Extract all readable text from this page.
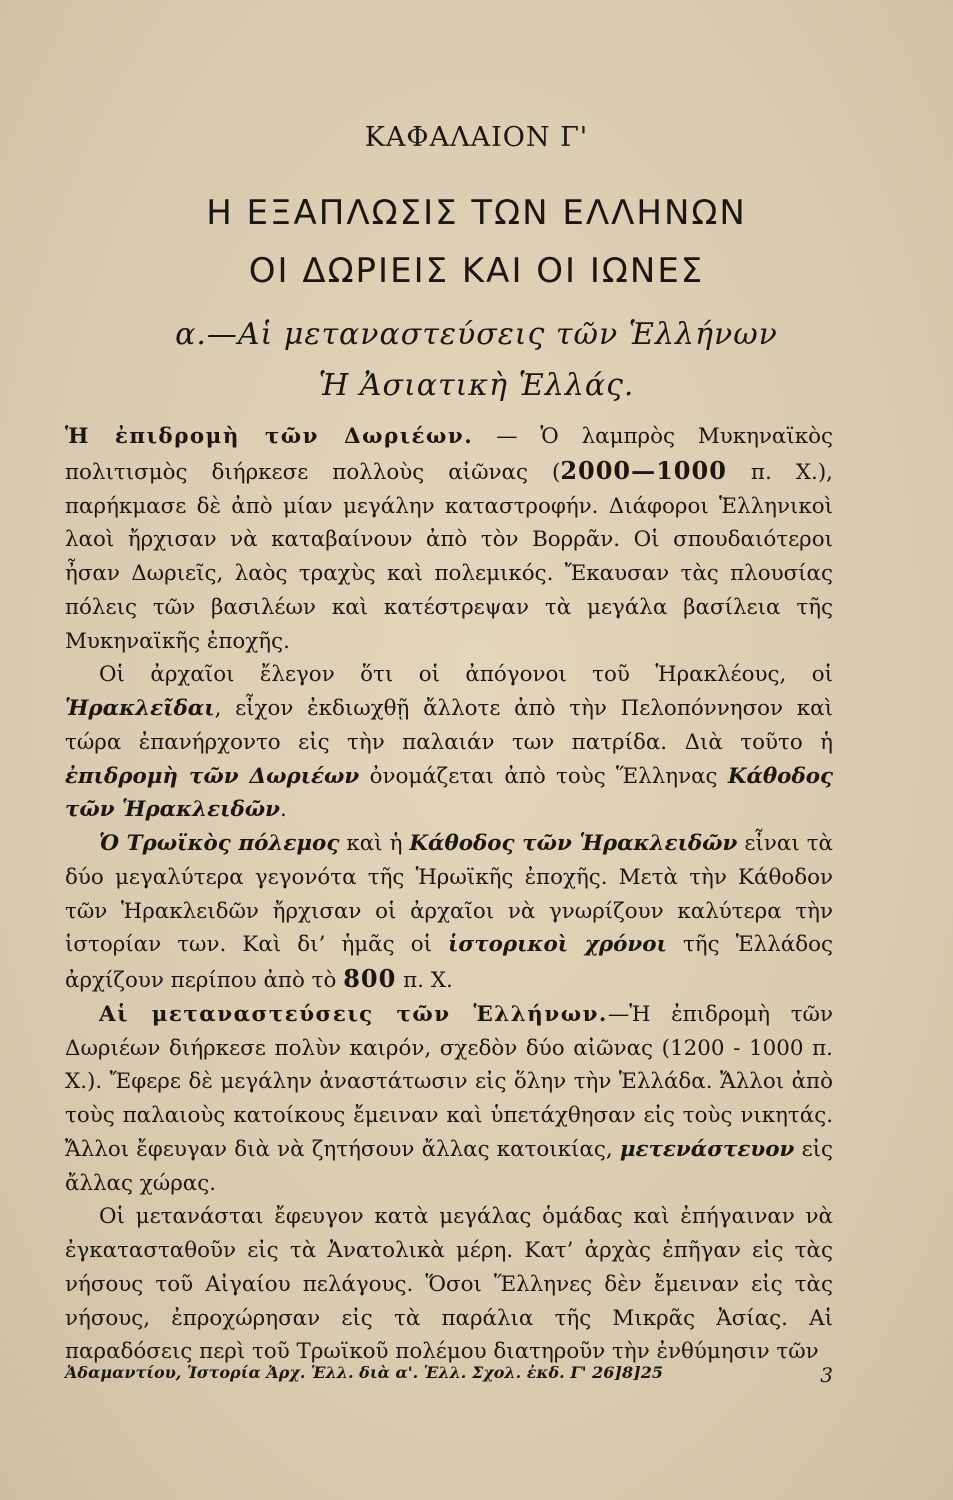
ΚΑΦΑΛΑΙΟΝ Γ'
Η ΕΞΑΠΛΩΣΙΣ ΤΩΝ ΕΛΛΗΝΩΝ
ΟΙ ΔΩΡΙΕΙΣ ΚΑΙ ΟΙ ΙΩΝΕΣ
α.—Αἱ μεταναστεύσεις τῶν Ἑλλήνων
Ἡ Ἀσιατικὴ Ἑλλάς.

Ἡ ἐπιδρομὴ τῶν Δωριέων. — Ὁ λαμπρὸς Μυκηναϊκὸς πολιτισμὸς διήρκεσε πολλοὺς αἰῶνας (2000—1000 π. Χ.), παρήκμασε δὲ ἀπὸ μίαν μεγάλην καταστροφήν. Διάφοροι Ἑλληνικοὶ λαοὶ ἤρχισαν νὰ καταβαίνουν ἀπὸ τὸν Βορρᾶν. Οἱ σπουδαιότεροι ἦσαν Δωριεῖς, λαὸς τραχὺς καὶ πολεμικός. Ἔκαυσαν τὰς πλουσίας πόλεις τῶν βασιλέων καὶ κατέστρεψαν τὰ μεγάλα βασίλεια τῆς Μυκηναϊκῆς ἐποχῆς.

Οἱ ἀρχαῖοι ἔλεγον ὅτι οἱ ἀπόγονοι τοῦ Ἡρακλέους, οἱ Ἡρακλεῖδαι, εἶχον ἐκδιωχθῇ ἄλλοτε ἀπὸ τὴν Πελοπόννησον καὶ τώρα ἐπανήρχοντο εἰς τὴν παλαιάν των πατρίδα. Διὰ τοῦτο ἡ ἐπιδρομὴ τῶν Δωριέων ὀνομάζεται ἀπὸ τοὺς Ἕλληνας Κάθοδος τῶν Ἡρακλειδῶν.

Ὁ Τρωϊκὸς πόλεμος καὶ ἡ Κάθοδος τῶν Ἡρακλειδῶν εἶναι τὰ δύο μεγαλύτερα γεγονότα τῆς Ἡρωϊκῆς ἐποχῆς. Μετὰ τὴν Κάθοδον τῶν Ἡρακλειδῶν ἤρχισαν οἱ ἀρχαῖοι νὰ γνωρίζουν καλύτερα τὴν ἱστορίαν των. Καὶ δι’ ἡμᾶς οἱ ἱστορικοὶ χρόνοι τῆς Ἑλλάδος ἀρχίζουν περίπου ἀπὸ τὸ 800 π. Χ.

Αἱ μεταναστεύσεις τῶν Ἑλλήνων.—Ἡ ἐπιδρομὴ τῶν Δωριέων διήρκεσε πολὺν καιρόν, σχεδὸν δύο αἰῶνας (1200 - 1000 π. Χ.). Ἔφερε δὲ μεγάλην ἀναστάτωσιν εἰς ὅλην τὴν Ἑλλάδα. Ἄλλοι ἀπὸ τοὺς παλαιοὺς κατοίκους ἔμειναν καὶ ὑπετάχθησαν εἰς τοὺς νικητάς. Ἄλλοι ἔφευγαν διὰ νὰ ζητήσουν ἄλλας κατοικίας, μετενάστευον εἰς ἄλλας χώρας.

Οἱ μετανάσται ἔφευγον κατὰ μεγάλας ὁμάδας καὶ ἐπήγαιναν νὰ ἐγκατασταθοῦν εἰς τὰ Ἀνατολικὰ μέρη. Κατ’ ἀρχὰς ἐπῆγαν εἰς τὰς νήσους τοῦ Αἰγαίου πελάγους. Ὅσοι Ἕλληνες δὲν ἔμειναν εἰς τὰς νήσους, ἐπροχώρησαν εἰς τὰ παράλια τῆς Μικρᾶς Ἀσίας. Αἱ παραδόσεις περὶ τοῦ Τρωϊκοῦ πολέμου διατηροῦν τὴν ἐνθύμησιν τῶν

Ἀδαμαντίου, Ἱστορία Ἀρχ. Ἑλλ. διὰ α'. Ἑλλ. Σχολ. ἐκδ. Γ' 26]8]25	3
